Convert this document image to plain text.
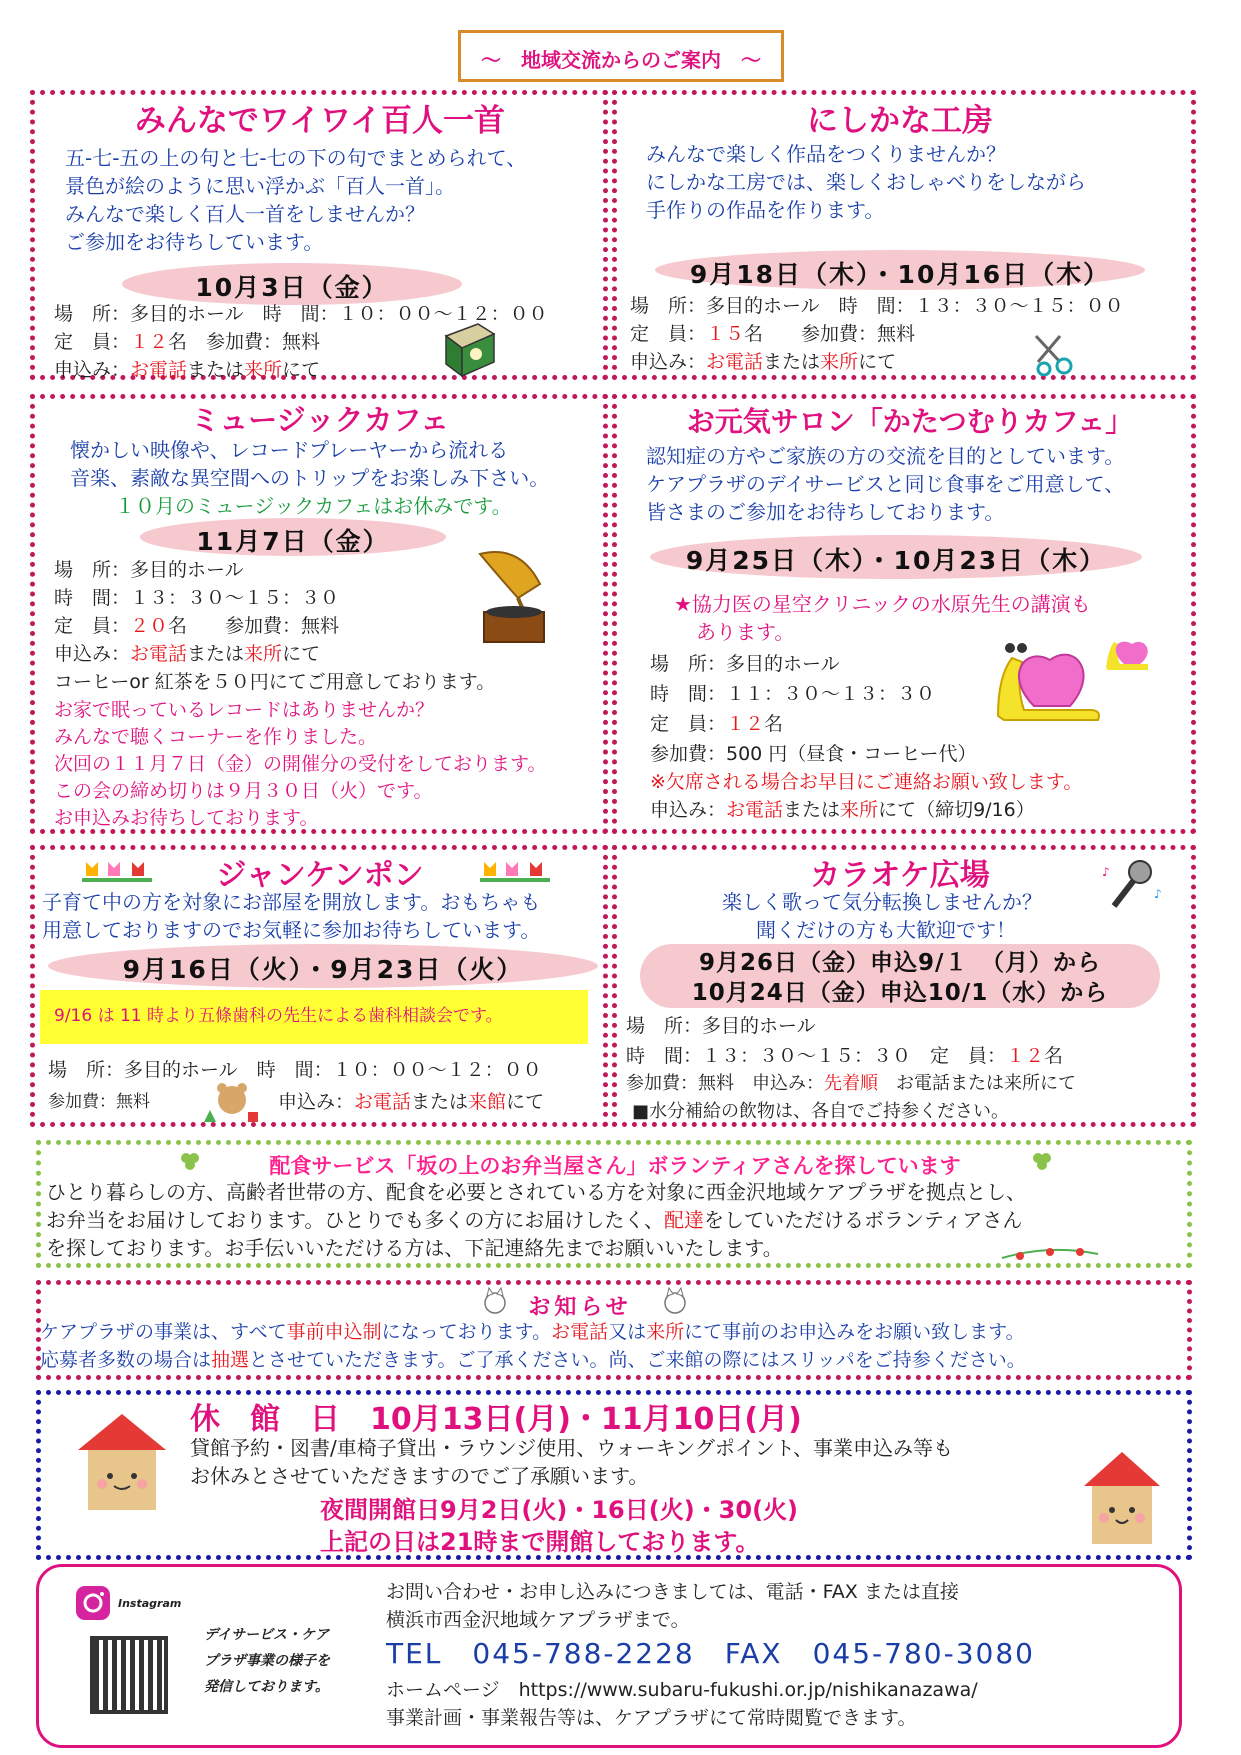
～　地域交流からのご案内　～
みんなでワイワイ百人一首
五-七-五の上の句と七-七の下の句でまとめられて、
景色が絵のように思い浮かぶ「百人一首」。
みんなで楽しく百人一首をしませんか？
ご参加をお待ちしています。
10月3日（金）
場　所：多目的ホール　時　間：１０：００～１２：００
定　員：１２名　参加費：無料
申込み：お電話または来所にて
にしかな工房
みんなで楽しく作品をつくりませんか？
にしかな工房では、楽しくおしゃべりをしながら
手作りの作品を作ります。
9月18日（木）・10月16日（木）
場　所：多目的ホール　時　間：１３：３０～１５：００
定　員：１５名　　参加費：無料
申込み：お電話または来所にて
ミュージックカフェ
懐かしい映像や、レコードプレーヤーから流れる
音楽、素敵な異空間へのトリップをお楽しみ下さい。
１０月のミュージックカフェはお休みです。
11月7日（金）
場　所：多目的ホール
時　間：１３：３０～１５：３０
定　員：２０名　　参加費：無料
申込み：お電話または来所にて
コーヒーor 紅茶を５０円にてご用意しております。
お家で眠っているレコードはありませんか？
みんなで聴くコーナーを作りました。
次回の１１月７日（金）の開催分の受付をしております。
この会の締め切りは９月３０日（火）です。
お申込みお待ちしております。
お元気サロン「かたつむりカフェ」
認知症の方やご家族の方の交流を目的としています。
ケアプラザのデイサービスと同じ食事をご用意して、
皆さまのご参加をお待ちしております。
9月25日（木）・10月23日（木）
★協力医の星空クリニックの水原先生の講演も
あります。
場　所：多目的ホール
時　間：１１：３０～１３：３０
定　員：１２名
参加費：500 円（昼食・コーヒー代）
※欠席される場合お早目にご連絡お願い致します。
申込み：お電話または来所にて（締切9/16）
ジャンケンポン
子育て中の方を対象にお部屋を開放します。おもちゃも
用意しておりますのでお気軽に参加お待ちしています。
9月16日（火）・9月23日（火）
9/16 は 11 時より五條歯科の先生による歯科相談会です。
場　所：多目的ホール　時　間：１０：００～１２：００
参加費：無料	申込み：お電話または来館にて
カラオケ広場
楽しく歌って気分転換しませんか？
聞くだけの方も大歓迎です！
9月26日（金）申込9/１　（月）から
10月24日（金）申込10/1（水）から
場　所：多目的ホール
時　間：１３：３０～１５：３０　定　員：１２名
参加費：無料　申込み：先着順　お電話または来所にて
■水分補給の飲物は、各自でご持参ください。
♪
♪
配食サービス「坂の上のお弁当屋さん」ボランティアさんを探しています
ひとり暮らしの方、高齢者世帯の方、配食を必要とされている方を対象に西金沢地域ケアプラザを拠点とし、
お弁当をお届けしております。ひとりでも多くの方にお届けしたく、配達をしていただけるボランティアさん
を探しております。お手伝いいただける方は、下記連絡先までお願いいたします。
お知らせ
ケアプラザの事業は、すべて事前申込制になっております。お電話又は来所にて事前のお申込みをお願い致します。
応募者多数の場合は抽選とさせていただきます。ご了承ください。尚、ご来館の際にはスリッパをご持参ください。
休　館　日　10月13日(月)・11月10日(月)
貸館予約・図書/車椅子貸出・ラウンジ使用、ウォーキングポイント、事業申込み等も
お休みとさせていただきますのでご了承願います。
夜間開館日9月2日(火)・16日(火)・30(火)
上記の日は21時まで開館しております。
Instagram
デイサービス・ケア
プラザ事業の様子を
発信しております。
お問い合わせ・お申し込みにつきましては、電話・FAX または直接
横浜市西金沢地域ケアプラザまで。
TEL　045-788-2228　FAX　045-780-3080
ホームページ　https://www.subaru-fukushi.or.jp/nishikanazawa/
事業計画・事業報告等は、ケアプラザにて常時閲覧できます。
